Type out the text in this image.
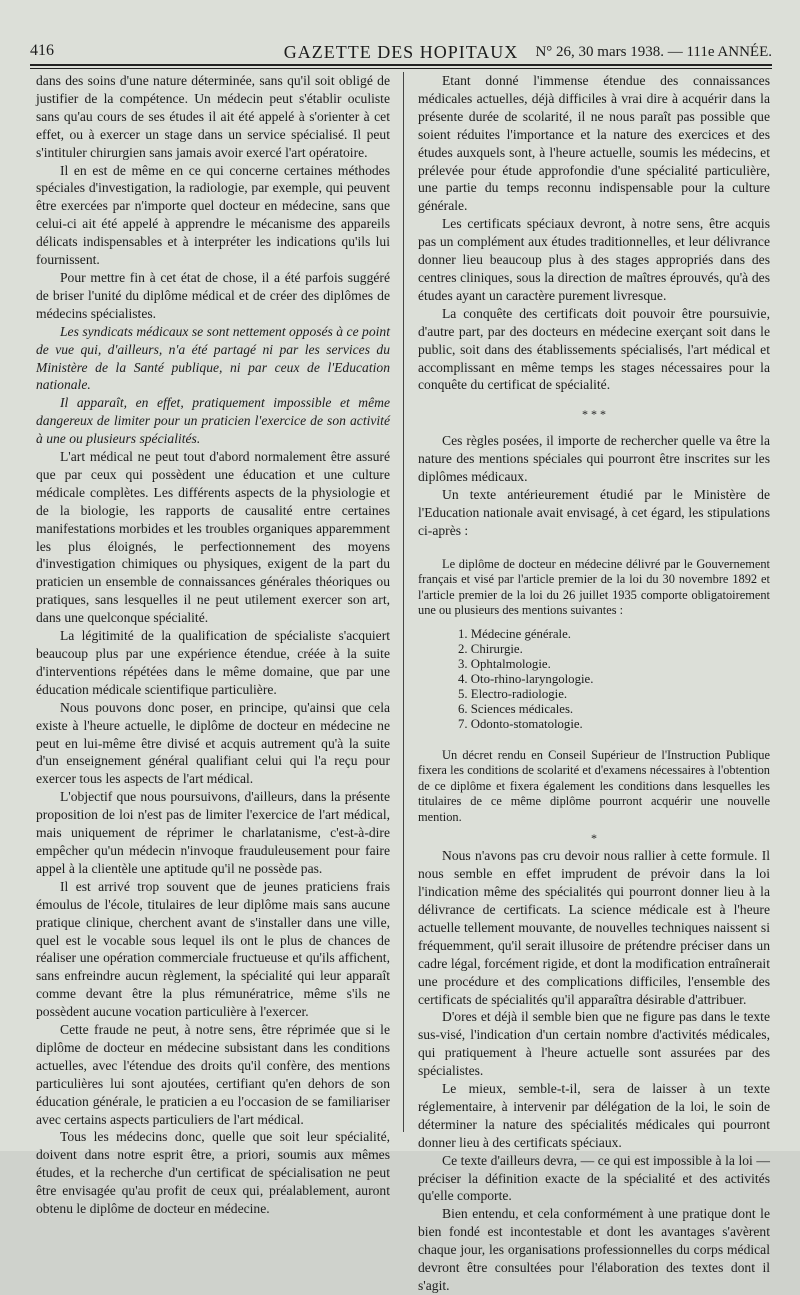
416	GAZETTE DES HOPITAUX	N° 26, 30 mars 1938. — 111e ANNÉE.

dans des soins d'une nature déterminée, sans qu'il soit obligé de justifier de la compétence. Un médecin peut s'établir oculiste sans qu'au cours de ses études il ait été appelé à s'orienter à cet effet, ou à exercer un stage dans un service spécialisé. Il peut s'intituler chirurgien sans jamais avoir exercé l'art opératoire.

Il en est de même en ce qui concerne certaines méthodes spéciales d'investigation, la radiologie, par exemple, qui peuvent être exercées par n'importe quel docteur en médecine, sans que celui-ci ait été appelé à apprendre le mécanisme des appareils délicats indispensables et à interpréter les indications qu'ils lui fournissent.

Pour mettre fin à cet état de chose, il a été parfois suggéré de briser l'unité du diplôme médical et de créer des diplômes de médecins spécialistes.

Les syndicats médicaux se sont nettement opposés à ce point de vue qui, d'ailleurs, n'a été partagé ni par les services du Ministère de la Santé publique, ni par ceux de l'Education nationale.

Il apparaît, en effet, pratiquement impossible et même dangereux de limiter pour un praticien l'exercice de son activité à une ou plusieurs spécialités.

L'art médical ne peut tout d'abord normalement être assuré que par ceux qui possèdent une éducation et une culture médicale complètes. Les différents aspects de la physiologie et de la biologie, les rapports de causalité entre certaines manifestations morbides et les troubles organiques apparemment les plus éloignés, le perfectionnement des moyens d'investigation chimiques ou physiques, exigent de la part du praticien un ensemble de connaissances générales théoriques ou pratiques, sans lesquelles il ne peut utilement exercer son art, dans une quelconque spécialité.

La légitimité de la qualification de spécialiste s'acquiert beaucoup plus par une expérience étendue, créée à la suite d'interventions répétées dans le même domaine, que par une éducation médicale scientifique particulière.

Nous pouvons donc poser, en principe, qu'ainsi que cela existe à l'heure actuelle, le diplôme de docteur en médecine ne peut en lui-même être divisé et acquis autrement qu'à la suite d'un enseignement général qualifiant celui qui l'a reçu pour exercer tous les aspects de l'art médical.

L'objectif que nous poursuivons, d'ailleurs, dans la présente proposition de loi n'est pas de limiter l'exercice de l'art médical, mais uniquement de réprimer le charlatanisme, c'est-à-dire empêcher qu'un médecin n'invoque frauduleusement pour faire appel à la clientèle une aptitude qu'il ne possède pas.

Il est arrivé trop souvent que de jeunes praticiens frais émoulus de l'école, titulaires de leur diplôme mais sans aucune pratique clinique, cherchent avant de s'installer dans une ville, quel est le vocable sous lequel ils ont le plus de chances de réaliser une opération commerciale fructueuse et qu'ils affichent, sans enfreindre aucun règlement, la spécialité qui leur apparaît comme devant être la plus rémunératrice, même s'ils ne possèdent aucune vocation particulière à l'exercer.

Cette fraude ne peut, à notre sens, être réprimée que si le diplôme de docteur en médecine subsistant dans les conditions actuelles, avec l'étendue des droits qu'il confère, des mentions particulières lui sont ajoutées, certifiant qu'en dehors de son éducation générale, le praticien a eu l'occasion de se familiariser avec certains aspects particuliers de l'art médical.

Tous les médecins donc, quelle que soit leur spécialité, doivent dans notre esprit être, a priori, soumis aux mêmes études, et la recherche d'un certificat de spécialisation ne peut être envisagée qu'au profit de ceux qui, préalablement, auront obtenu le diplôme de docteur en médecine.

Etant donné l'immense étendue des connaissances médicales actuelles, déjà difficiles à vrai dire à acquérir dans la présente durée de scolarité, il ne nous paraît pas possible que soient réduites l'importance et la nature des exercices et des études auxquels sont, à l'heure actuelle, soumis les médecins, et prélevée pour étude approfondie d'une spécialité particulière, une partie du temps reconnu indispensable pour la culture générale.

Les certificats spéciaux devront, à notre sens, être acquis pas un complément aux études traditionnelles, et leur délivrance donner lieu beaucoup plus à des stages appropriés dans des centres cliniques, sous la direction de maîtres éprouvés, qu'à des études ayant un caractère purement livresque.

La conquête des certificats doit pouvoir être poursuivie, d'autre part, par des docteurs en médecine exerçant soit dans le public, soit dans des établissements spécialisés, l'art médical et accomplissant en même temps les stages nécessaires pour la conquête du certificat de spécialité.

* * *

Ces règles posées, il importe de rechercher quelle va être la nature des mentions spéciales qui pourront être inscrites sur les diplômes médicaux.

Un texte antérieurement étudié par le Ministère de l'Education nationale avait envisagé, à cet égard, les stipulations ci-après :

Le diplôme de docteur en médecine délivré par le Gouvernement français et visé par l'article premier de la loi du 30 novembre 1892 et l'article premier de la loi du 26 juillet 1935 comporte obligatoirement une ou plusieurs des mentions suivantes :

1. Médecine générale.
2. Chirurgie.
3. Ophtalmologie.
4. Oto-rhino-laryngologie.
5. Electro-radiologie.
6. Sciences médicales.
7. Odonto-stomatologie.

Un décret rendu en Conseil Supérieur de l'Instruction Publique fixera les conditions de scolarité et d'examens nécessaires à l'obtention de ce diplôme et fixera également les conditions dans lesquelles les titulaires de ce même diplôme pourront acquérir une nouvelle mention.

*

Nous n'avons pas cru devoir nous rallier à cette formule. Il nous semble en effet imprudent de prévoir dans la loi l'indication même des spécialités qui pourront donner lieu à la délivrance de certificats. La science médicale est à l'heure actuelle tellement mouvante, de nouvelles techniques naissent si fréquemment, qu'il serait illusoire de prétendre préciser dans un cadre légal, forcément rigide, et dont la modification entraînerait une procédure et des complications difficiles, l'ensemble des certificats de spécialités qu'il apparaîtra désirable d'attribuer.

D'ores et déjà il semble bien que ne figure pas dans le texte sus-visé, l'indication d'un certain nombre d'activités médicales, qui pratiquement à l'heure actuelle sont assurées par des spécialistes.

Le mieux, semble-t-il, sera de laisser à un texte réglementaire, à intervenir par délégation de la loi, le soin de déterminer la nature des spécialités médicales qui pourront donner lieu à des certificats spéciaux.

Ce texte d'ailleurs devra, — ce qui est impossible à la loi — préciser la définition exacte de la spécialité et des activités qu'elle comporte.

Bien entendu, et cela conformément à une pratique dont le bien fondé est incontestable et dont les avantages s'avèrent chaque jour, les organisations professionnelles du corps médical devront être consultées pour l'élaboration des textes dont il s'agit.
